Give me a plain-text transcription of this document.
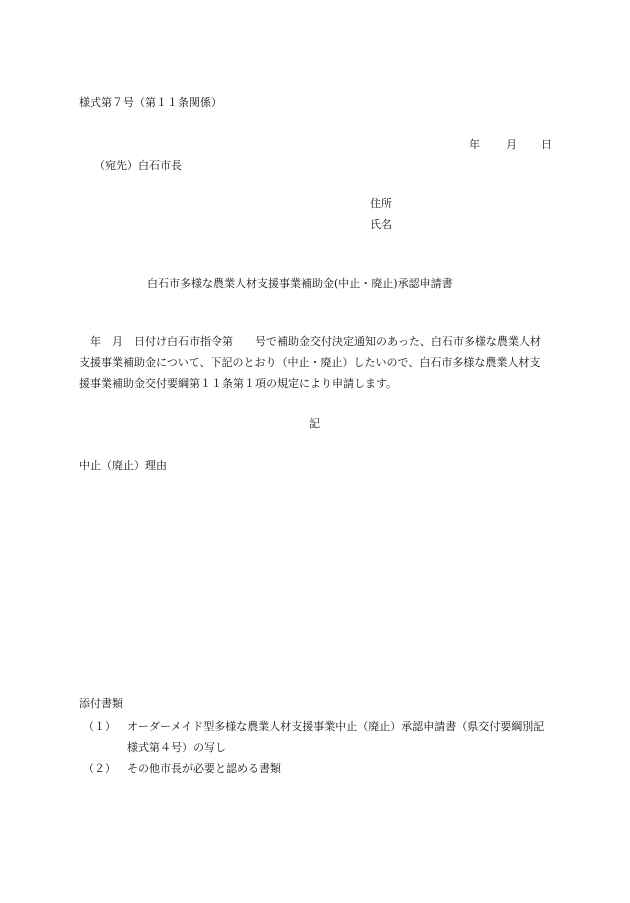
様式第７号（第１１条関係）
年 月 日
（宛先）白石市長
住所
氏名
白石市多様な農業人材支援事業補助金(中止・廃止)承認申請書
　年　月　日付け白石市指令第　　号で補助金交付決定通知のあった、白石市多様な農業人材支援事業補助金について、下記のとおり（中止・廃止）したいので、白石市多様な農業人材支援事業補助金交付要綱第１１条第１項の規定により申請します。
記
中止（廃止）理由
添付書類
（１） オーダーメイド型多様な農業人材支援事業中止（廃止）承認申請書（県交付要綱別記様式第４号）の写し
（２） その他市長が必要と認める書類
